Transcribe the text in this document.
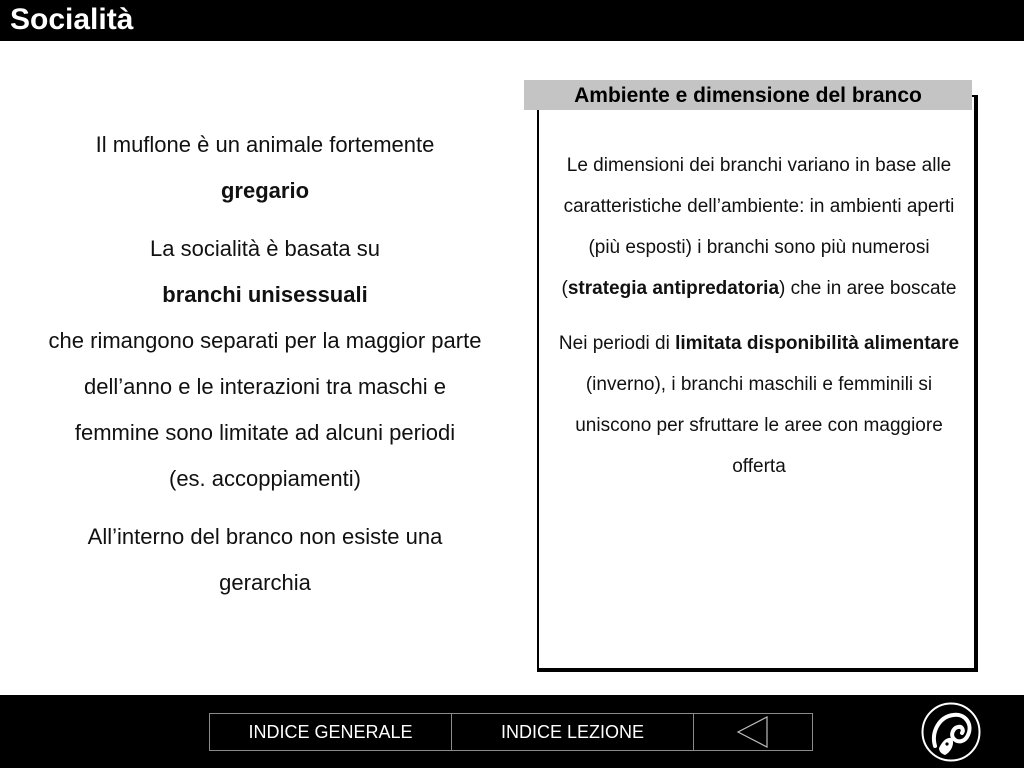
Socialità

Il muflone è un animale fortemente
gregario

La socialità è basata su
branchi unisessuali
che rimangono separati per la maggior parte dell’anno e le interazioni tra maschi e femmine sono limitate ad alcuni periodi
(es. accoppiamenti)

All’interno del branco non esiste una gerarchia

Ambiente e dimensione del branco

Le dimensioni dei branchi variano in base alle caratteristiche dell’ambiente: in ambienti aperti (più esposti) i branchi sono più numerosi (strategia antipredatoria) che in aree boscate

Nei periodi di limitata disponibilità alimentare (inverno), i branchi maschili e femminili si uniscono per sfruttare le aree con maggiore offerta

INDICE GENERALE	INDICE LEZIONE
